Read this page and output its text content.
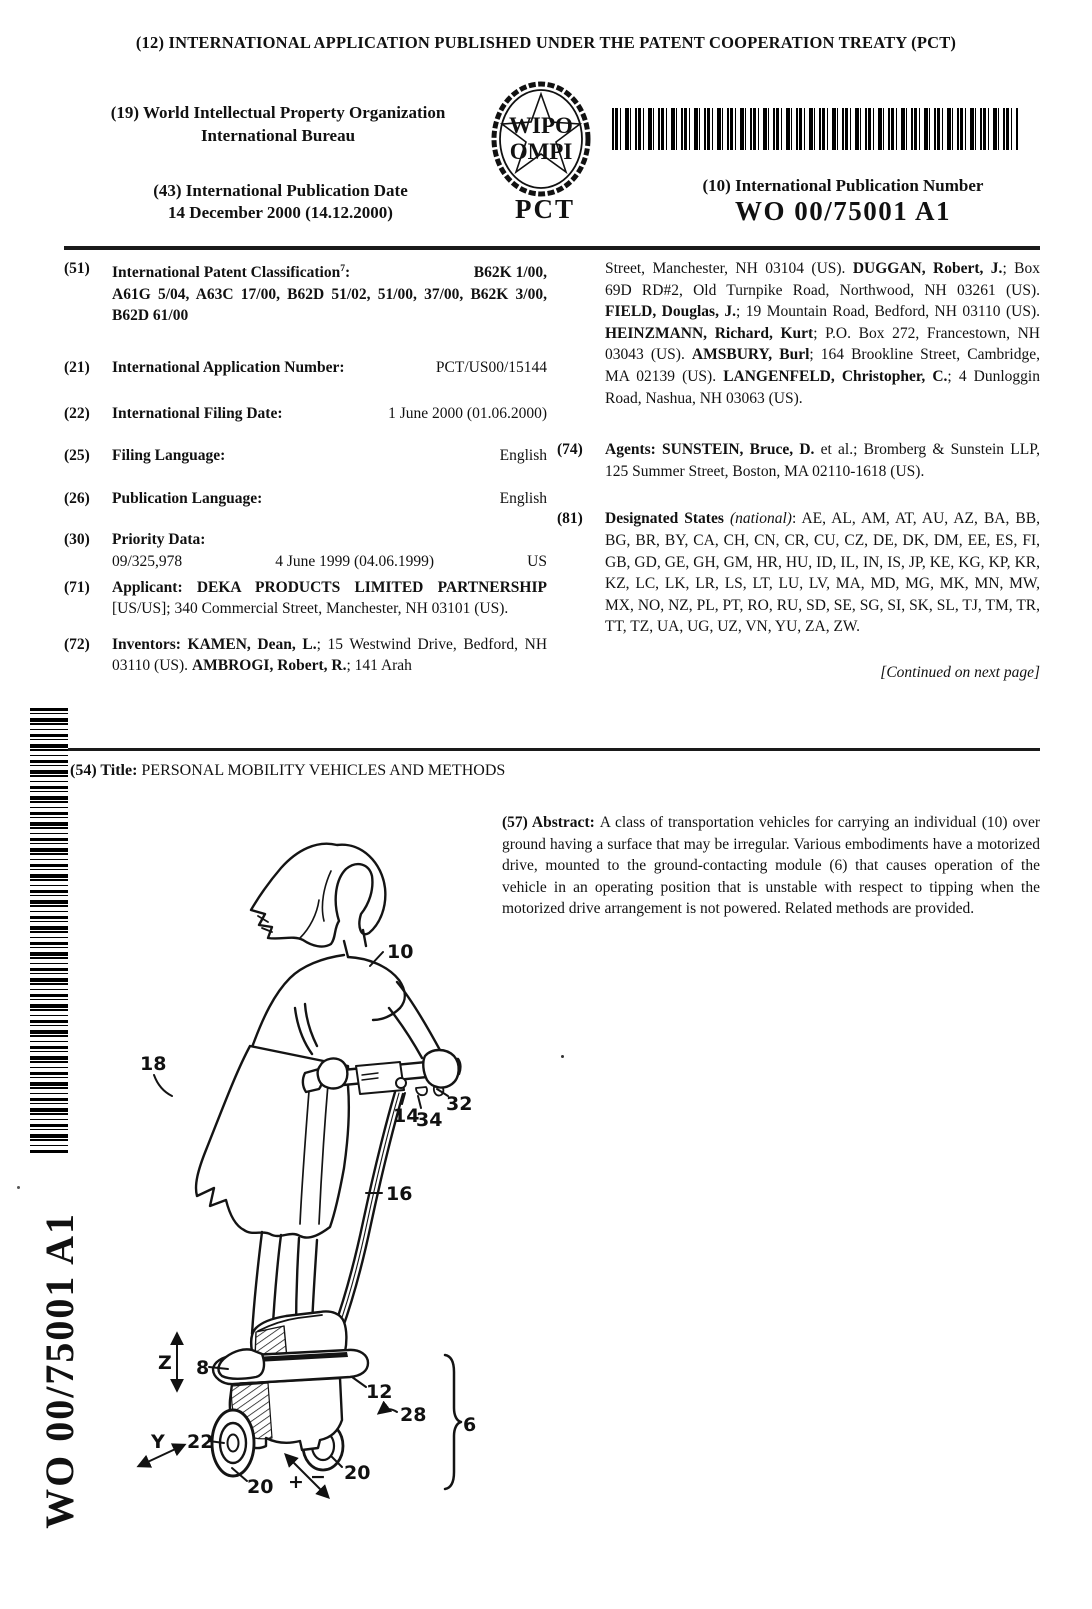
(12) INTERNATIONAL APPLICATION PUBLISHED UNDER THE PATENT COOPERATION TREATY (PCT)
(19) World Intellectual Property Organization
International Bureau	WIPO
OMPI
(43) International Publication Date
14 December 2000 (14.12.2000)	PCT
(10) International Publication Number
WO 00/75001 A1
(51) International Patent Classification$^7$:	B62K 1/00,
A61G 5/04, A63C 17/00, B62D 51/02, 51/00, 37/00, B62K 3/00, B62D 61/00
(21) International Application Number:	PCT/US00/15144
(22) International Filing Date:	1 June 2000 (01.06.2000)
(25) Filing Language:	English
(26) Publication Language:	English
(30) Priority Data:
09/325,978	4 June 1999 (04.06.1999)	US
(71) Applicant: DEKA PRODUCTS LIMITED PARTNERSHIP [US/US]; 340 Commercial Street, Manchester, NH 03101 (US).
(72) Inventors: KAMEN, Dean, L.; 15 Westwind Drive, Bedford, NH 03110 (US). AMBROGI, Robert, R.; 141 Arah
Street, Manchester, NH 03104 (US). DUGGAN, Robert, J.; Box 69D RD#2, Old Turnpike Road, Northwood, NH 03261 (US). FIELD, Douglas, J.; 19 Mountain Road, Bedford, NH 03110 (US). HEINZMANN, Richard, Kurt; P.O. Box 272, Francestown, NH 03043 (US). AMSBURY, Burl; 164 Brookline Street, Cambridge, MA 02139 (US). LANGENFELD, Christopher, C.; 4 Dunloggin Road, Nashua, NH 03063 (US).
(74) Agents: SUNSTEIN, Bruce, D. et al.; Bromberg & Sunstein LLP, 125 Summer Street, Boston, MA 02110-1618 (US).
(81) Designated States (national): AE, AL, AM, AT, AU, AZ, BA, BB, BG, BR, BY, CA, CH, CN, CR, CU, CZ, DE, DK, DM, EE, ES, FI, GB, GD, GE, GH, GM, HR, HU, ID, IL, IN, IS, JP, KE, KG, KP, KR, KZ, LC, LK, LR, LS, LT, LU, LV, MA, MD, MG, MK, MN, MW, MX, NO, NZ, PL, PT, RO, RU, SD, SE, SG, SI, SK, SL, TJ, TM, TR, TT, TZ, UA, UG, UZ, VN, YU, ZA, ZW.
[Continued on next page]
(54) Title: PERSONAL MOBILITY VEHICLES AND METHODS
(57) Abstract: A class of transportation vehicles for carrying an individual (10) over ground having a surface that may be irregular. Various embodiments have a motorized drive, mounted to the ground-contacting module (6) that causes operation of the vehicle in an operating position that is unstable with respect to tipping when the motorized drive arrangement is not powered. Related methods are provided.
WO 00/75001 A1
10
18
14
34
32
16
Z 8
12
28 6
Y 22
20
20
+ −
